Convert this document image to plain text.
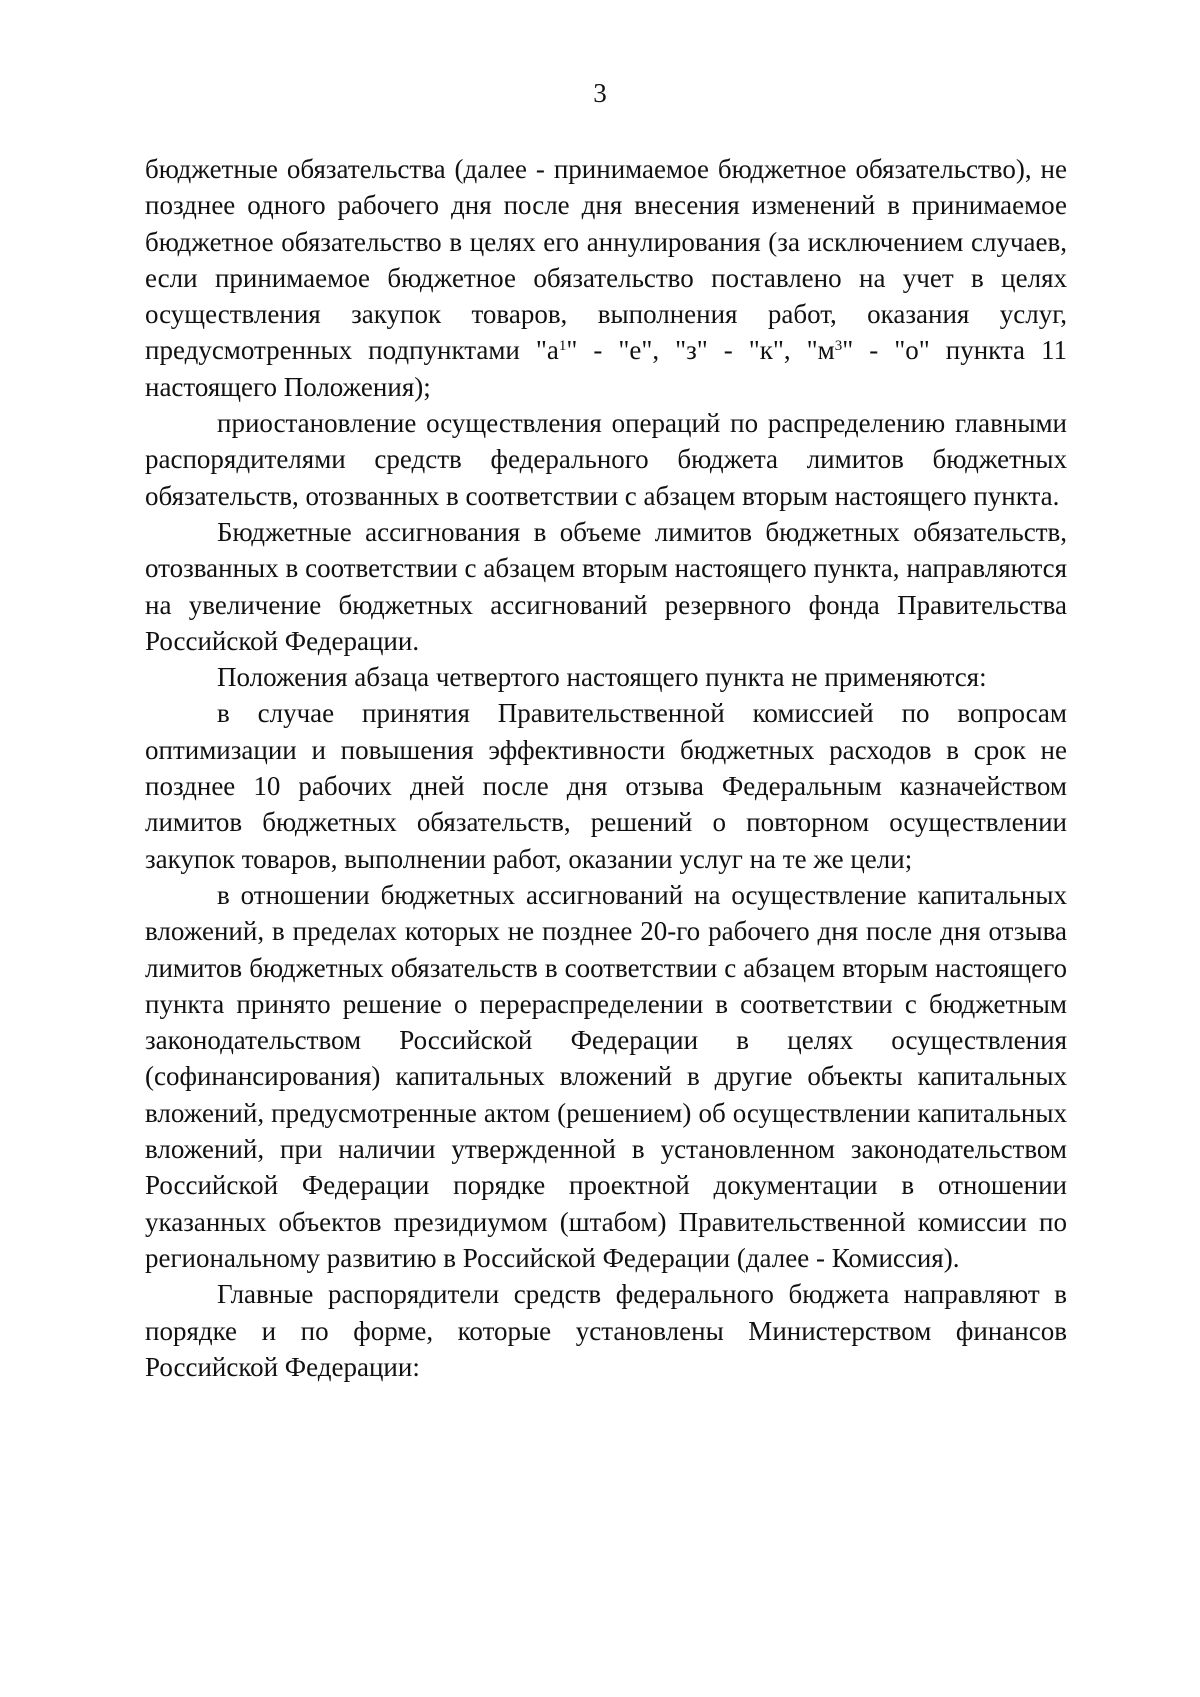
3

бюджетные обязательства (далее - принимаемое бюджетное обязательство), не позднее одного рабочего дня после дня внесения изменений в принимаемое бюджетное обязательство в целях его аннулирования (за исключением случаев, если принимаемое бюджетное обязательство поставлено на учет в целях осуществления закупок товаров, выполнения работ, оказания услуг, предусмотренных подпунктами "$а^1$" - "е", "з" - "к", "$м^3$" - "о" пункта 11 настоящего Положения);

приостановление осуществления операций по распределению главными распорядителями средств федерального бюджета лимитов бюджетных обязательств, отозванных в соответствии с абзацем вторым настоящего пункта.

Бюджетные ассигнования в объеме лимитов бюджетных обязательств, отозванных в соответствии с абзацем вторым настоящего пункта, направляются на увеличение бюджетных ассигнований резервного фонда Правительства Российской Федерации.

Положения абзаца четвертого настоящего пункта не применяются:

в случае принятия Правительственной комиссией по вопросам оптимизации и повышения эффективности бюджетных расходов в срок не позднее 10 рабочих дней после дня отзыва Федеральным казначейством лимитов бюджетных обязательств, решений о повторном осуществлении закупок товаров, выполнении работ, оказании услуг на те же цели;

в отношении бюджетных ассигнований на осуществление капитальных вложений, в пределах которых не позднее 20-го рабочего дня после дня отзыва лимитов бюджетных обязательств в соответствии с абзацем вторым настоящего пункта принято решение о перераспределении в соответствии с бюджетным законодательством Российской Федерации в целях осуществления (софинансирования) капитальных вложений в другие объекты капитальных вложений, предусмотренные актом (решением) об осуществлении капитальных вложений, при наличии утвержденной в установленном законодательством Российской Федерации порядке проектной документации в отношении указанных объектов президиумом (штабом) Правительственной комиссии по региональному развитию в Российской Федерации (далее - Комиссия).

Главные распорядители средств федерального бюджета направляют в порядке и по форме, которые установлены Министерством финансов Российской Федерации:
